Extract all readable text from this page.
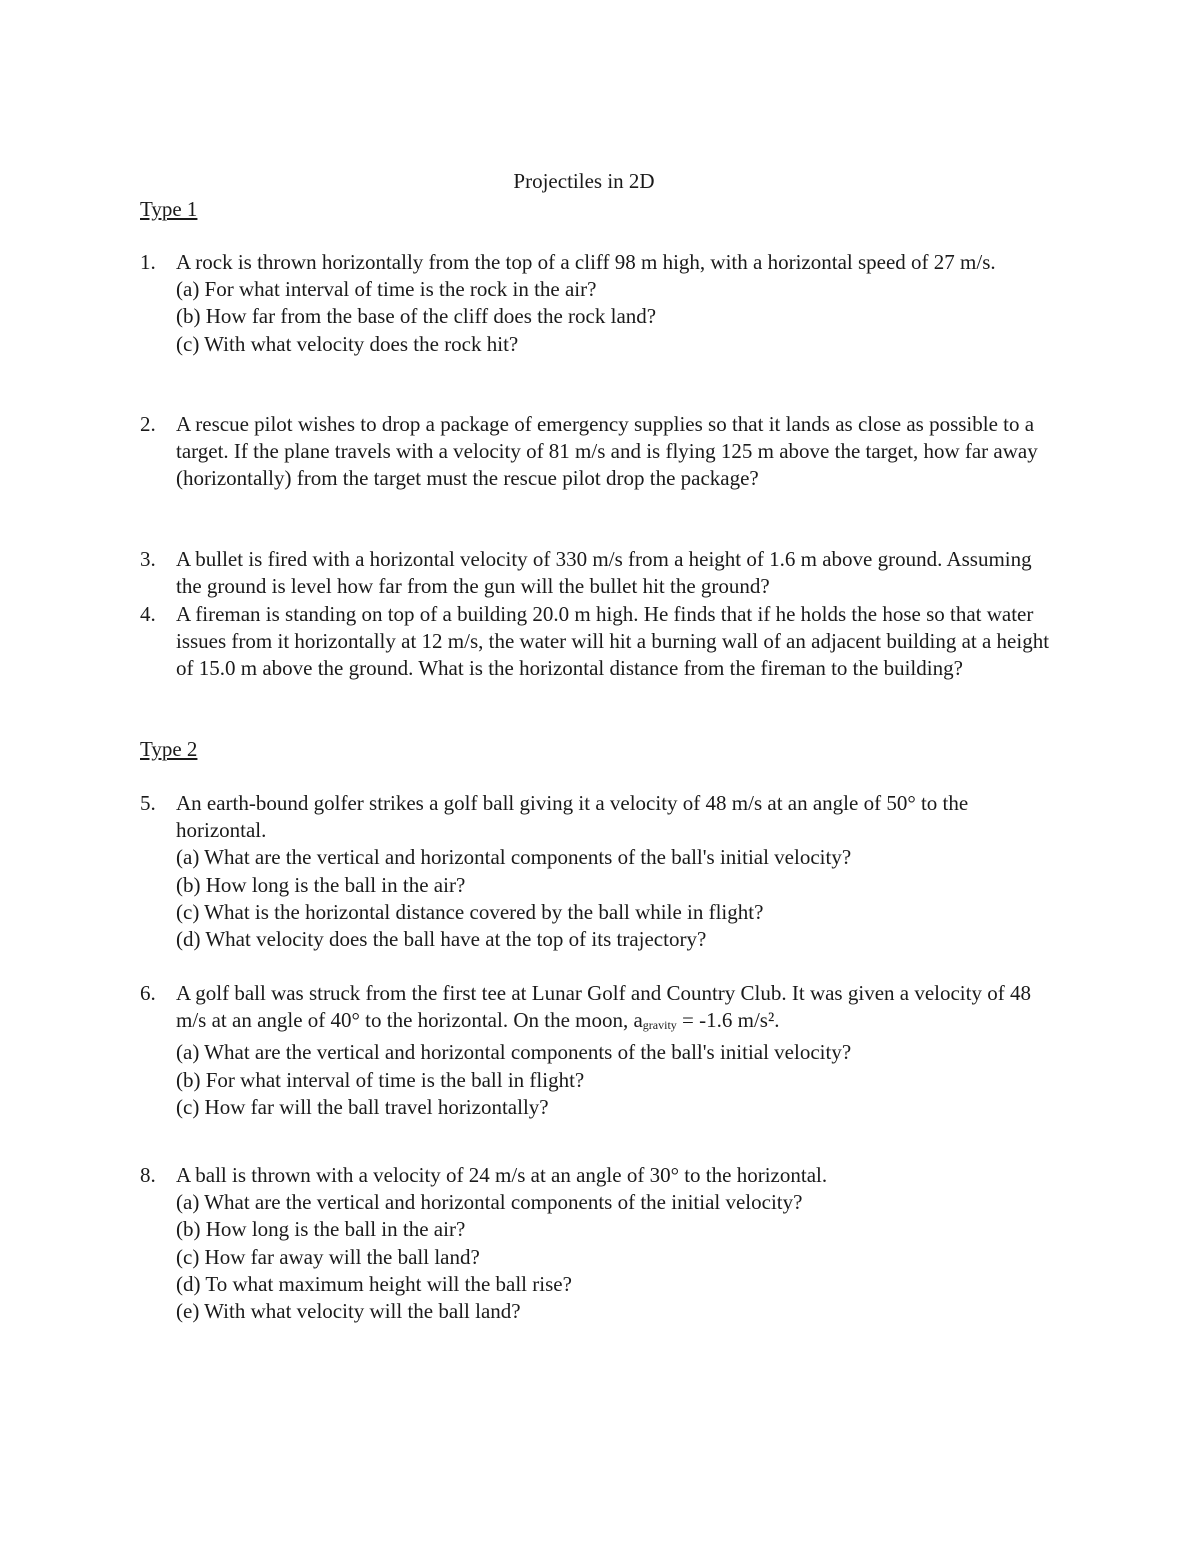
Projectiles in 2D
Type 1
1. A rock is thrown horizontally from the top of a cliff 98 m high, with a horizontal speed of 27 m/s.
(a) For what interval of time is the rock in the air?
(b) How far from the base of the cliff does the rock land?
(c) With what velocity does the rock hit?
2. A rescue pilot wishes to drop a package of emergency supplies so that it lands as close as possible to a target. If the plane travels with a velocity of 81 m/s and is flying 125 m above the target, how far away (horizontally) from the target must the rescue pilot drop the package?
3. A bullet is fired with a horizontal velocity of 330 m/s from a height of 1.6 m above ground. Assuming the ground is level how far from the gun will the bullet hit the ground?
4. A fireman is standing on top of a building 20.0 m high. He finds that if he holds the hose so that water issues from it horizontally at 12 m/s, the water will hit a burning wall of an adjacent building at a height of 15.0 m above the ground. What is the horizontal distance from the fireman to the building?
Type 2
5. An earth-bound golfer strikes a golf ball giving it a velocity of 48 m/s at an angle of 50° to the horizontal.
(a) What are the vertical and horizontal components of the ball's initial velocity?
(b) How long is the ball in the air?
(c) What is the horizontal distance covered by the ball while in flight?
(d) What velocity does the ball have at the top of its trajectory?
6. A golf ball was struck from the first tee at Lunar Golf and Country Club. It was given a velocity of 48 m/s at an angle of 40° to the horizontal. On the moon, $a_{gravity} = -1.6$ m/s².
(a) What are the vertical and horizontal components of the ball's initial velocity?
(b) For what interval of time is the ball in flight?
(c) How far will the ball travel horizontally?
8. A ball is thrown with a velocity of 24 m/s at an angle of 30° to the horizontal.
(a) What are the vertical and horizontal components of the initial velocity?
(b) How long is the ball in the air?
(c) How far away will the ball land?
(d) To what maximum height will the ball rise?
(e) With what velocity will the ball land?
